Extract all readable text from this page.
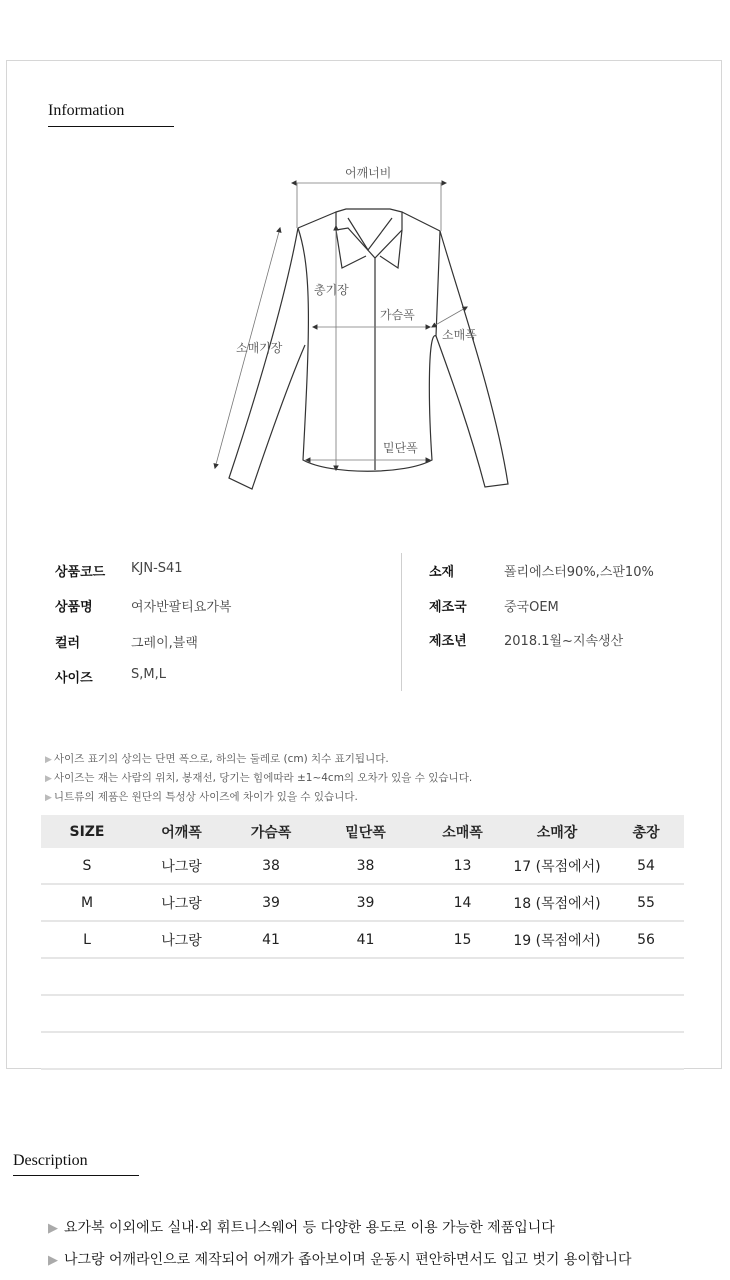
Information
어깨너비
총기장
가슴폭
소매기장
소매폭
밑단폭
상품코드 KJN-S41
상품명	여자반팔티요가복
컬러	그레이,블랙
사이즈	S,M,L
소재	폴리에스터90%,스판10%
제조국	중국OEM
제조년	2018.1월~지속생산
▶ 사이즈 표기의 상의는 단면 폭으로, 하의는 둘레로 (cm) 치수 표기됩니다.
▶ 사이즈는 재는 사람의 위치, 봉재선, 당기는 힘에따라 ±1~4cm의 오차가 있을 수 있습니다.
▶ 니트류의 제품은 원단의 특성상 사이즈에 차이가 있을 수 있습니다.
SIZE	어깨폭	가슴폭	밑단폭	소매폭	소매장	총장
S	나그랑	38	38	13	17 (목점에서)	54
M	나그랑	39	39	14	18 (목점에서)	55
L	나그랑	41	41	15	19 (목점에서)	56

Description
▶ 요가복 이외에도 실내·외 휘트니스웨어 등 다양한 용도로 이용 가능한 제품입니다
▶ 나그랑 어깨라인으로 제작되어 어깨가 좁아보이며 운동시 편안하면서도 입고 벗기 용이합니다
